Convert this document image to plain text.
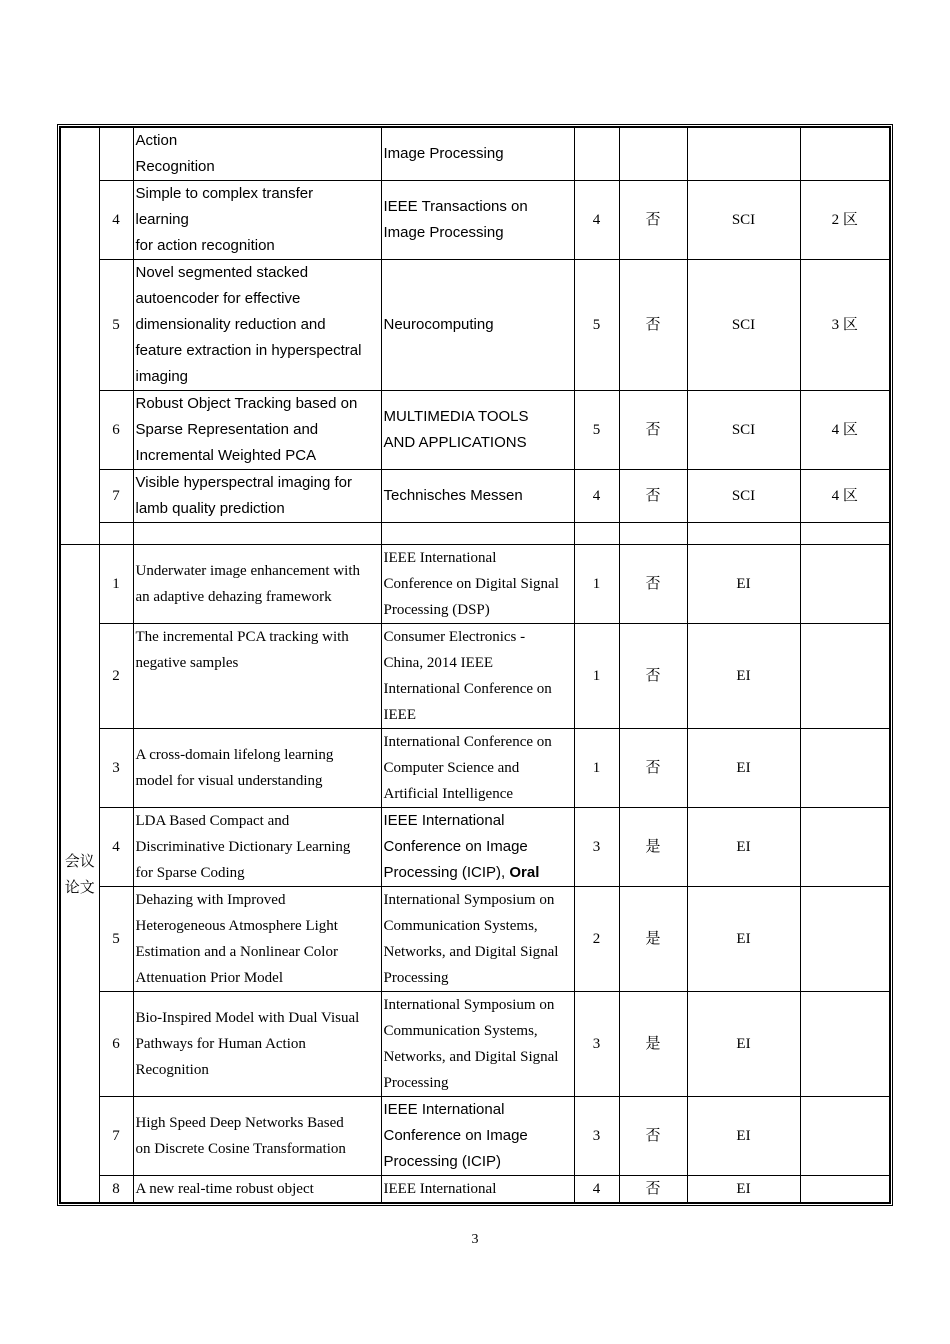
		Action
Recognition	Image Processing				

	4	Simple to complex transfer
learning
for action recognition	IEEE Transactions on
Image Processing	4	否	SCI	2 区
	5	Novel segmented stacked
autoencoder for effective
dimensionality reduction and
feature extraction in hyperspectral
imaging	Neurocomputing	5	否	SCI	3 区
	6	Robust Object Tracking based on
Sparse Representation and
Incremental Weighted PCA	MULTIMEDIA TOOLS
AND APPLICATIONS	5	否	SCI	4 区
	7	Visible hyperspectral imaging for
lamb quality prediction	Technisches Messen	4	否	SCI	4 区

会议
论文	1	Underwater image enhancement with
an adaptive dehazing framework	IEEE International
Conference on Digital Signal
Processing (DSP)	1	否	EI	
	2	The incremental PCA tracking with
negative samples	Consumer Electronics -
China, 2014 IEEE
International Conference on
IEEE	1	否	EI	
	3	A cross-domain lifelong learning
model for visual understanding	International Conference on
Computer Science and
Artificial Intelligence	1	否	EI	
	4	LDA Based Compact and
Discriminative Dictionary Learning
for Sparse Coding	IEEE International
Conference on Image
Processing (ICIP), Oral	3	是	EI	
	5	Dehazing with Improved
Heterogeneous Atmosphere Light
Estimation and a Nonlinear Color
Attenuation Prior Model	International Symposium on
Communication Systems,
Networks, and Digital Signal
Processing	2	是	EI	
	6	Bio-Inspired Model with Dual Visual
Pathways for Human Action
Recognition	International Symposium on
Communication Systems,
Networks, and Digital Signal
Processing	3	是	EI	
	7	High Speed Deep Networks Based
on Discrete Cosine Transformation	IEEE International
Conference on Image
Processing (ICIP)	3	否	EI	
	8	A new real-time robust object	IEEE International	4	否	EI	
3
